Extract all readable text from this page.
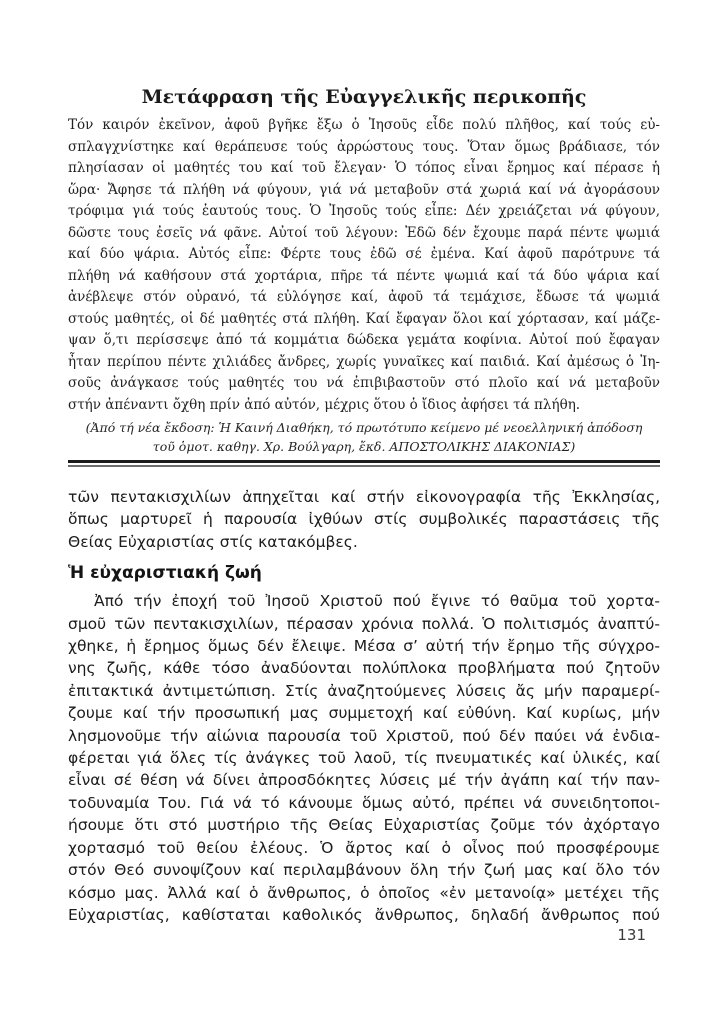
Μετάφραση τῆς Εὐαγγελικῆς περικοπῆς
Τόν καιρόν ἐκεῖνον, ἀφοῦ βγῆκε ἔξω ὁ Ἰησοῦς εἶδε πολύ πλῆθος, καί τούς εὐ-
σπλαγχνίστηκε καί θεράπευσε τούς ἀρρώστους τους. Ὅταν ὅμως βράδιασε, τόν
πλησίασαν οἱ μαθητές του καί τοῦ ἔλεγαν· Ὁ τόπος εἶναι ἔρημος καί πέρασε ἡ
ὥρα· Ἄφησε τά πλήθη νά φύγουν, γιά νά μεταβοῦν στά χωριά καί νά ἀγοράσουν
τρόφιμα γιά τούς ἑαυτούς τους. Ὁ Ἰησοῦς τούς εἶπε: Δέν χρειάζεται νά φύγουν,
δῶστε τους ἐσεῖς νά φᾶνε. Αὐτοί τοῦ λέγουν: Ἐδῶ δέν ἔχουμε παρά πέντε ψωμιά
καί δύο ψάρια. Αὐτός εἶπε: Φέρτε τους ἐδῶ σέ ἐμένα. Καί ἀφοῦ παρότρυνε τά
πλήθη νά καθήσουν στά χορτάρια, πῆρε τά πέντε ψωμιά καί τά δύο ψάρια καί
ἀνέβλεψε στόν οὐρανό, τά εὐλόγησε καί, ἀφοῦ τά τεμάχισε, ἔδωσε τά ψωμιά
στούς μαθητές, οἱ δέ μαθητές στά πλήθη. Καί ἔφαγαν ὅλοι καί χόρτασαν, καί μάζε-
ψαν ὅ,τι περίσσεψε ἀπό τά κομμάτια δώδεκα γεμάτα κοφίνια. Αὐτοί πού ἔφαγαν
ἦταν περίπου πέντε χιλιάδες ἄνδρες, χωρίς γυναῖκες καί παιδιά. Καί ἀμέσως ὁ Ἰη-
σοῦς ἀνάγκασε τούς μαθητές του νά ἐπιβιβαστοῦν στό πλοῖο καί νά μεταβοῦν
στήν ἀπέναντι ὄχθη πρίν ἀπό αὐτόν, μέχρις ὅτου ὁ ἴδιος ἀφήσει τά πλήθη.
(Ἀπό τή νέα ἔκδοση: Ἡ Καινή Διαθήκη, τό πρωτότυπο κείμενο μέ νεοελληνική ἀπόδοση
τοῦ ὁμοτ. καθηγ. Χρ. Βούλγαρη, ἔκδ. ΑΠΟΣΤΟΛΙΚΗΣ ΔΙΑΚΟΝΙΑΣ)
τῶν πεντακισχιλίων ἀπηχεῖται καί στήν εἰκονογραφία τῆς Ἐκκλησίας,
ὅπως μαρτυρεῖ ἡ παρουσία ἰχθύων στίς συμβολικές παραστάσεις τῆς
Θείας Εὐχαριστίας στίς κατακόμβες.
Ἡ εὐχαριστιακή ζωή
Ἀπό τήν ἐποχή τοῦ Ἰησοῦ Χριστοῦ πού ἔγινε τό θαῦμα τοῦ χορτα-
σμοῦ τῶν πεντακισχιλίων, πέρασαν χρόνια πολλά. Ὁ πολιτισμός ἀναπτύ-
χθηκε, ἡ ἔρημος ὅμως δέν ἔλειψε. Μέσα σ’ αὐτή τήν ἔρημο τῆς σύγχρο-
νης ζωῆς, κάθε τόσο ἀναδύονται πολύπλοκα προβλήματα πού ζητοῦν
ἐπιτακτικά ἀντιμετώπιση. Στίς ἀναζητούμενες λύσεις ἄς μήν παραμερί-
ζουμε καί τήν προσωπική μας συμμετοχή καί εὐθύνη. Καί κυρίως, μήν
λησμονοῦμε τήν αἰώνια παρουσία τοῦ Χριστοῦ, πού δέν παύει νά ἐνδια-
φέρεται γιά ὅλες τίς ἀνάγκες τοῦ λαοῦ, τίς πνευματικές καί ὑλικές, καί
εἶναι σέ θέση νά δίνει ἀπροσδόκητες λύσεις μέ τήν ἀγάπη καί τήν παν-
τοδυναμία Του. Γιά νά τό κάνουμε ὅμως αὐτό, πρέπει νά συνειδητοποι-
ήσουμε ὅτι στό μυστήριο τῆς Θείας Εὐχαριστίας ζοῦμε τόν ἀχόρταγο
χορτασμό τοῦ θείου ἐλέους. Ὁ ἄρτος καί ὁ οἶνος πού προσφέρουμε
στόν Θεό συνοψίζουν καί περιλαμβάνουν ὅλη τήν ζωή μας καί ὅλο τόν
κόσμο μας. Ἀλλά καί ὁ ἄνθρωπος, ὁ ὁποῖος «ἐν μετανοίᾳ» μετέχει τῆς
Εὐχαριστίας, καθίσταται καθολικός ἄνθρωπος, δηλαδή ἄνθρωπος πού
131
